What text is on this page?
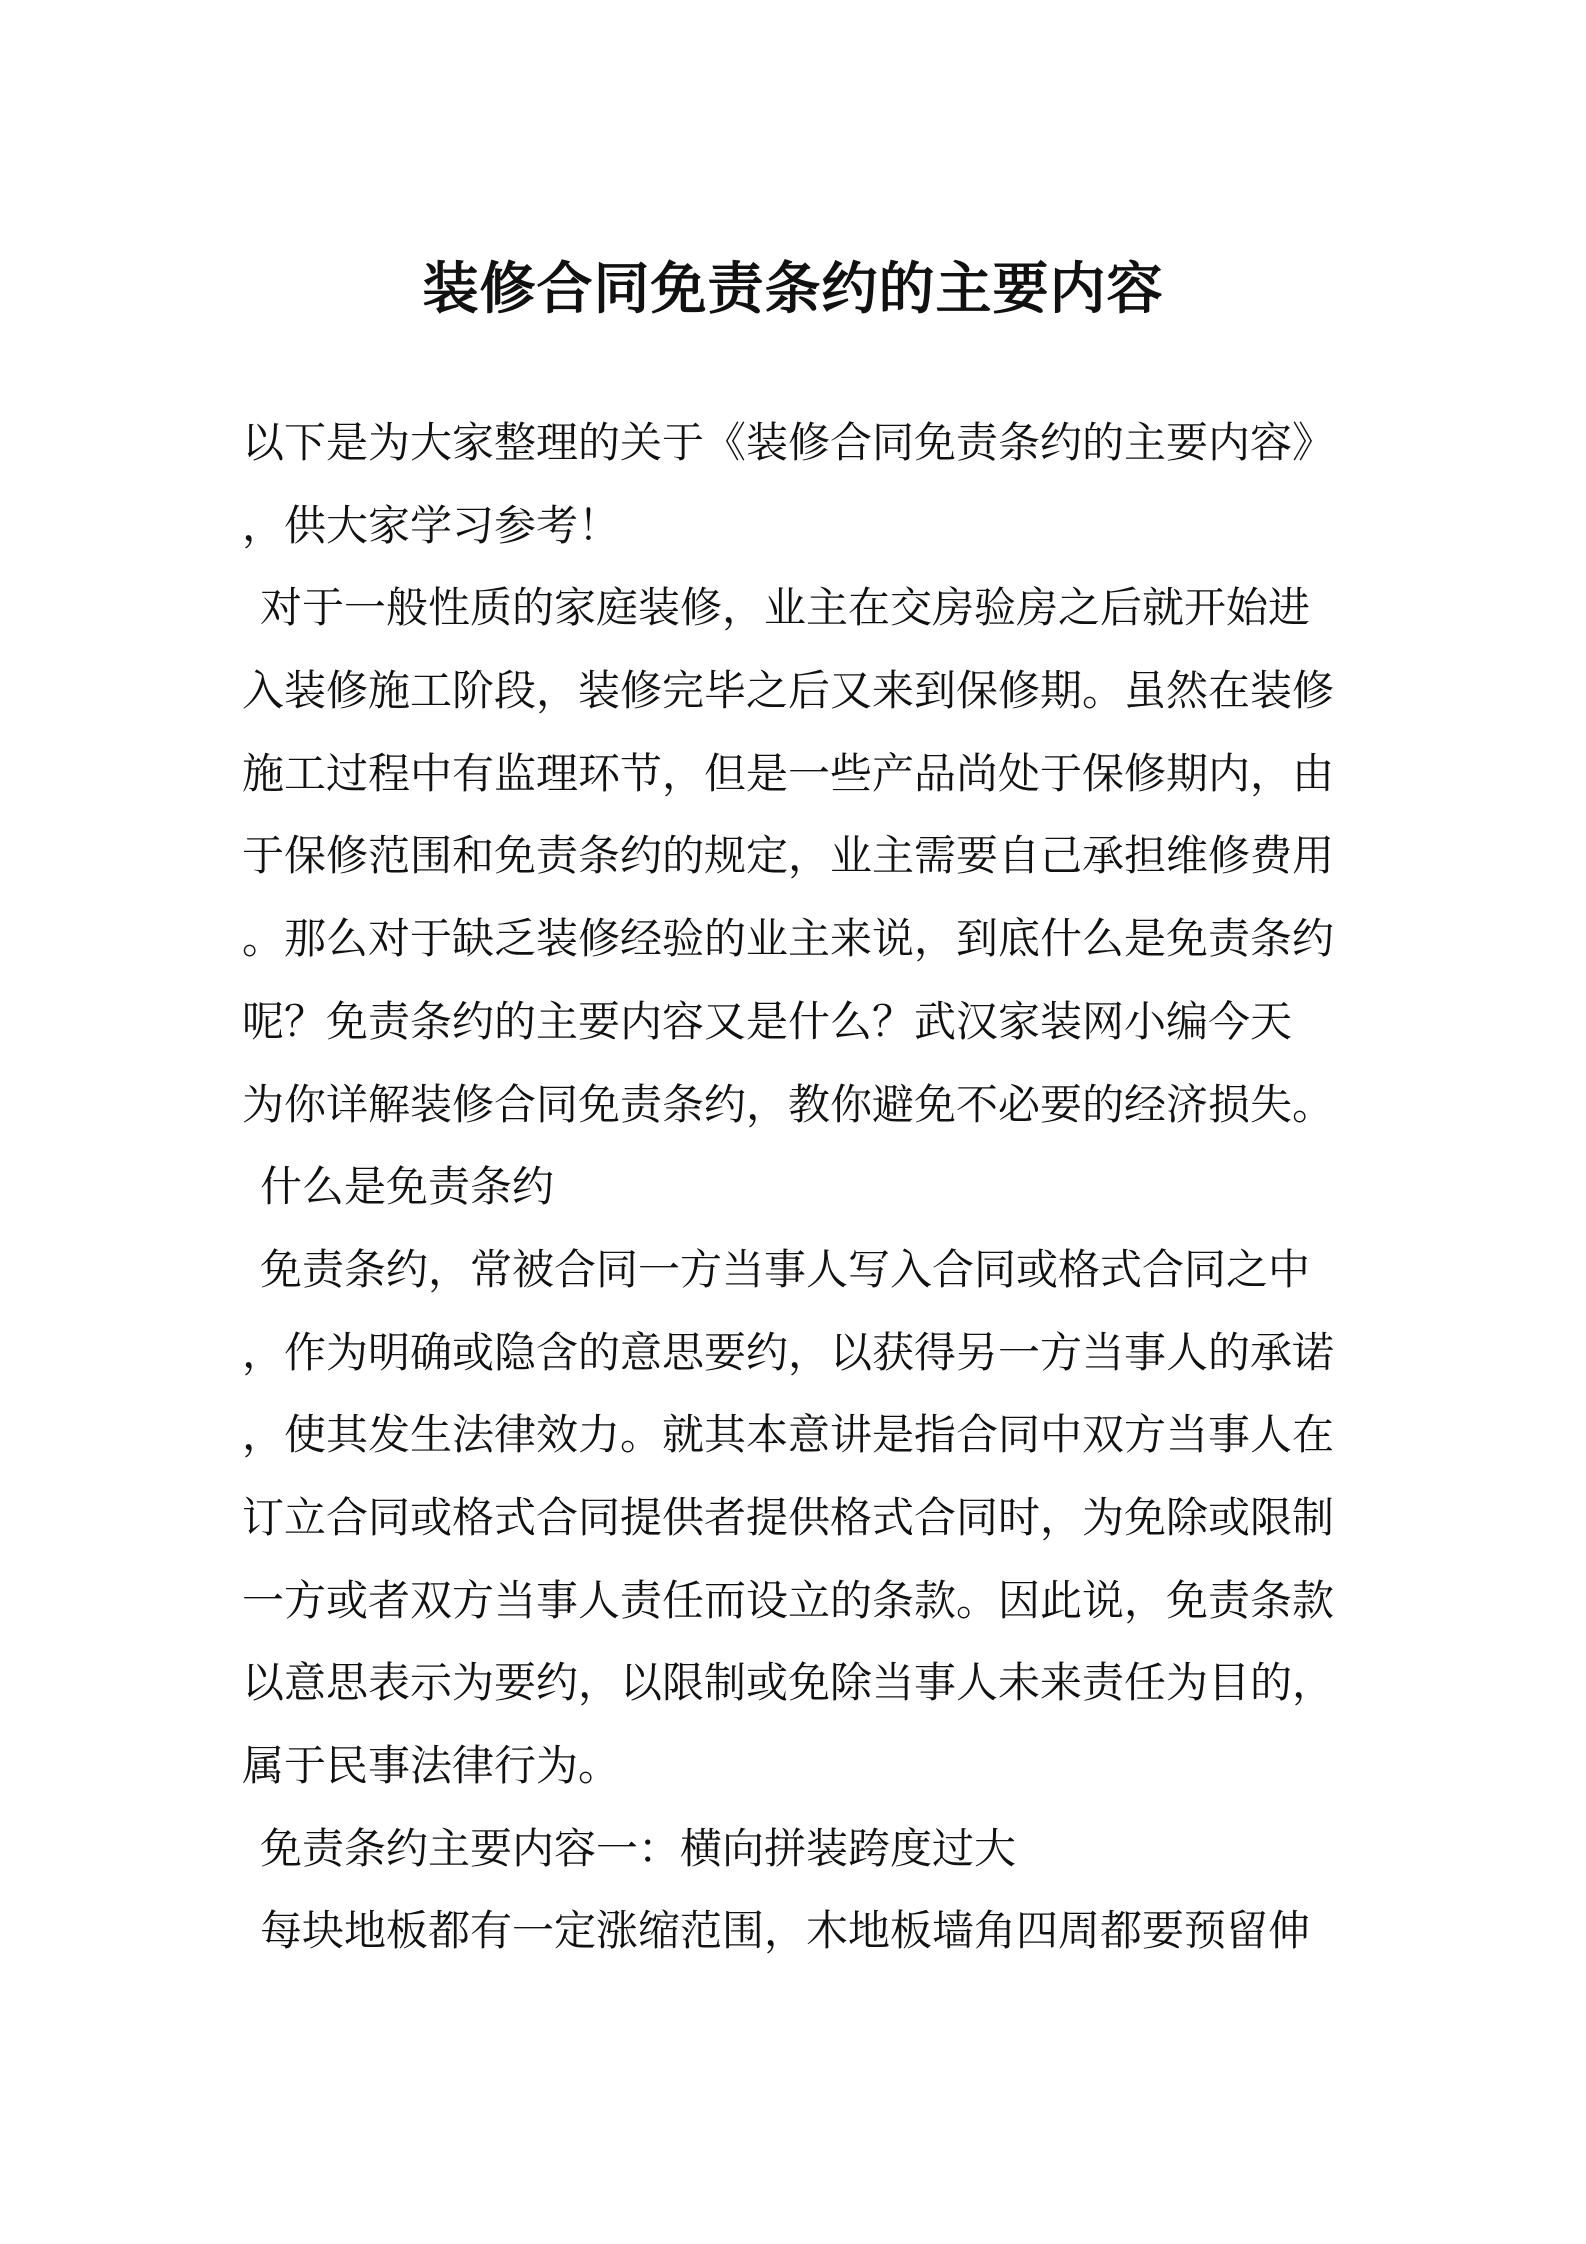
装修合同免责条约的主要内容
以下是为大家整理的关于《装修合同免责条约的主要内容》
，供大家学习参考！
对于一般性质的家庭装修，业主在交房验房之后就开始进
入装修施工阶段，装修完毕之后又来到保修期。虽然在装修
施工过程中有监理环节，但是一些产品尚处于保修期内，由
于保修范围和免责条约的规定，业主需要自己承担维修费用
。那么对于缺乏装修经验的业主来说，到底什么是免责条约
呢？免责条约的主要内容又是什么？武汉家装网小编今天
为你详解装修合同免责条约，教你避免不必要的经济损失。
什么是免责条约
免责条约，常被合同一方当事人写入合同或格式合同之中
，作为明确或隐含的意思要约，以获得另一方当事人的承诺
，使其发生法律效力。就其本意讲是指合同中双方当事人在
订立合同或格式合同提供者提供格式合同时，为免除或限制
一方或者双方当事人责任而设立的条款。因此说，免责条款
以意思表示为要约，以限制或免除当事人未来责任为目的，
属于民事法律行为。
免责条约主要内容一：横向拼装跨度过大
每块地板都有一定涨缩范围，木地板墙角四周都要预留伸
